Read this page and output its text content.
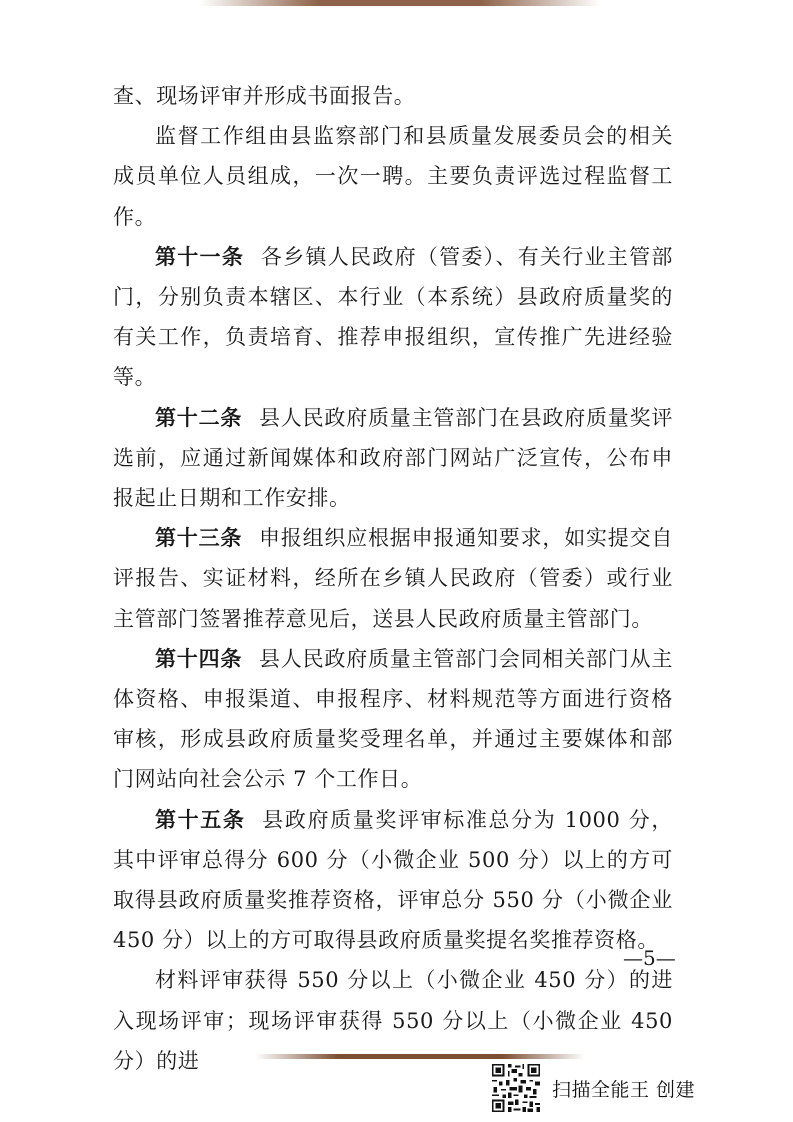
查、现场评审并形成书面报告。

监督工作组由县监察部门和县质量发展委员会的相关成员单位人员组成，一次一聘。主要负责评选过程监督工作。

第十一条 各乡镇人民政府（管委）、有关行业主管部门，分别负责本辖区、本行业（本系统）县政府质量奖的有关工作，负责培育、推荐申报组织，宣传推广先进经验等。

第十二条 县人民政府质量主管部门在县政府质量奖评选前，应通过新闻媒体和政府部门网站广泛宣传，公布申报起止日期和工作安排。

第十三条 申报组织应根据申报通知要求，如实提交自评报告、实证材料，经所在乡镇人民政府（管委）或行业主管部门签署推荐意见后，送县人民政府质量主管部门。

第十四条 县人民政府质量主管部门会同相关部门从主体资格、申报渠道、申报程序、材料规范等方面进行资格审核，形成县政府质量奖受理名单，并通过主要媒体和部门网站向社会公示 7 个工作日。

第十五条 县政府质量奖评审标准总分为 1000 分，其中评审总得分 600 分（小微企业 500 分）以上的方可取得县政府质量奖推荐资格，评审总分 550 分（小微企业 450 分）以上的方可取得县政府质量奖提名奖推荐资格。

材料评审获得 550 分以上（小微企业 450 分）的进入现场评审；现场评审获得 550 分以上（小微企业 450 分）的进

—5—
扫描全能王 创建
